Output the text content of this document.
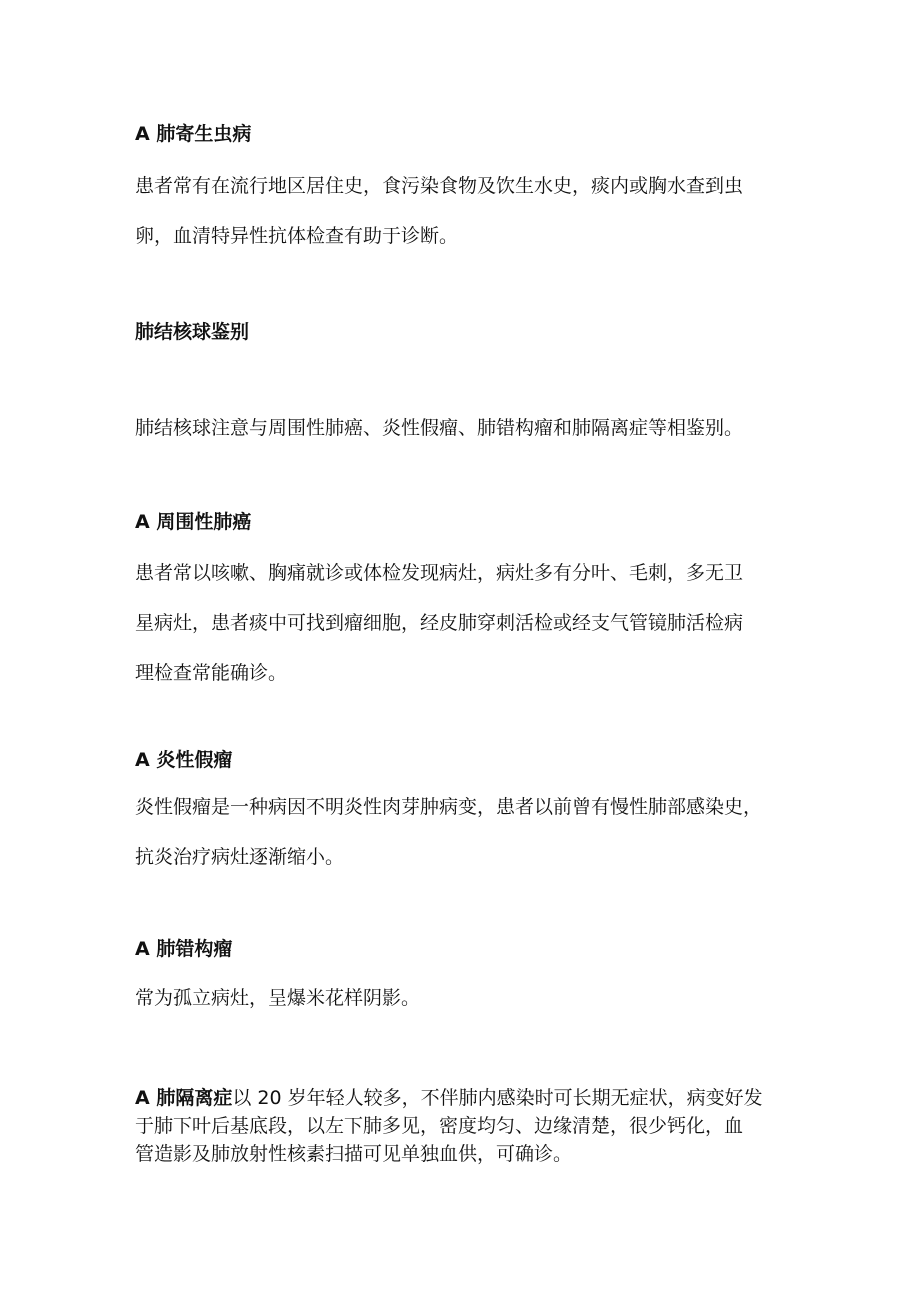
A 肺寄生虫病
患者常有在流行地区居住史，食污染食物及饮生水史，痰内或胸水查到虫
卵，血清特异性抗体检查有助于诊断。
肺结核球鉴别
肺结核球注意与周围性肺癌、炎性假瘤、肺错构瘤和肺隔离症等相鉴别。
A 周围性肺癌
患者常以咳嗽、胸痛就诊或体检发现病灶，病灶多有分叶、毛刺，多无卫
星病灶，患者痰中可找到瘤细胞，经皮肺穿刺活检或经支气管镜肺活检病
理检查常能确诊。
A 炎性假瘤
炎性假瘤是一种病因不明炎性肉芽肿病变，患者以前曾有慢性肺部感染史，
抗炎治疗病灶逐渐缩小。
A 肺错构瘤
常为孤立病灶，呈爆米花样阴影。
A 肺隔离症以 20 岁年轻人较多，不伴肺内感染时可长期无症状，病变好发
于肺下叶后基底段，以左下肺多见，密度均匀、边缘清楚，很少钙化，血
管造影及肺放射性核素扫描可见单独血供，可确诊。
